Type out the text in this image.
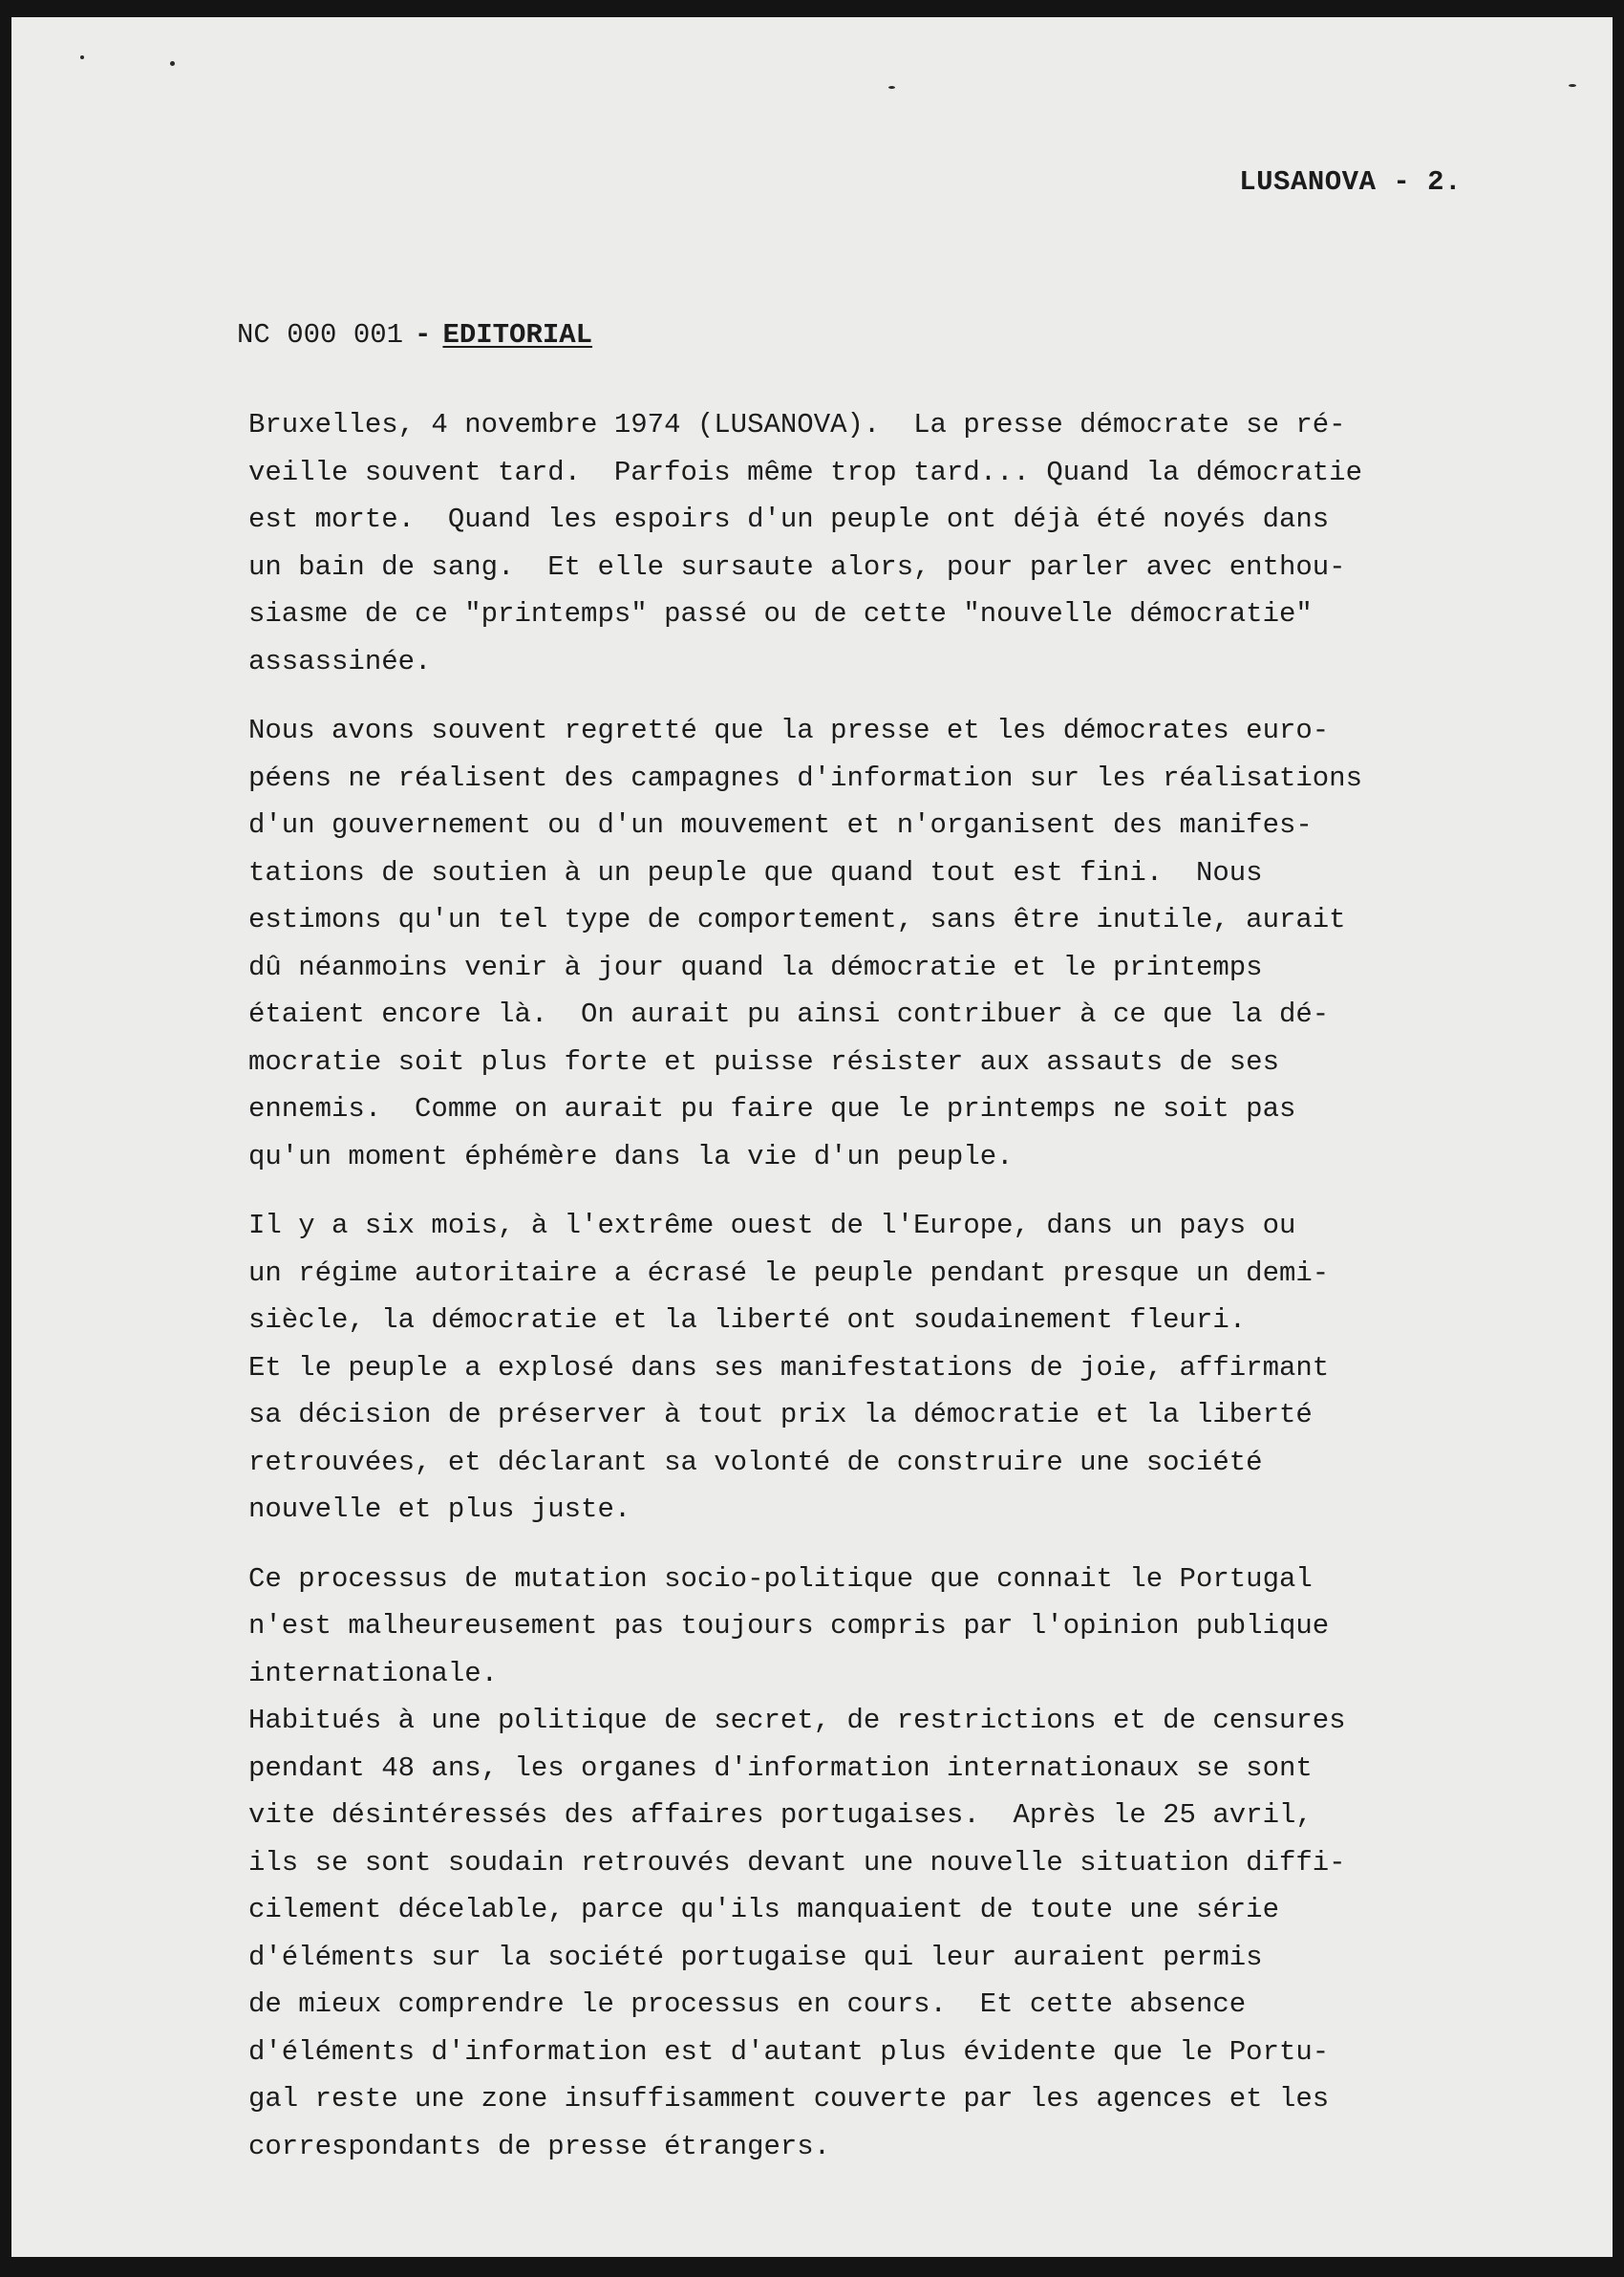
LUSANOVA - 2.
NC 000 001 - EDITORIAL
Bruxelles, 4 novembre 1974 (LUSANOVA).  La presse démocrate se ré-
veille souvent tard.  Parfois même trop tard... Quand la démocratie
est morte.  Quand les espoirs d'un peuple ont déjà été noyés dans
un bain de sang.  Et elle sursaute alors, pour parler avec enthou-
siasme de ce "printemps" passé ou de cette "nouvelle démocratie"
assassinée.
Nous avons souvent regretté que la presse et les démocrates euro-
péens ne réalisent des campagnes d'information sur les réalisations
d'un gouvernement ou d'un mouvement et n'organisent des manifes-
tations de soutien à un peuple que quand tout est fini.  Nous
estimons qu'un tel type de comportement, sans être inutile, aurait
dû néanmoins venir à jour quand la démocratie et le printemps
étaient encore là.  On aurait pu ainsi contribuer à ce que la dé-
mocratie soit plus forte et puisse résister aux assauts de ses
ennemis.  Comme on aurait pu faire que le printemps ne soit pas
qu'un moment éphémère dans la vie d'un peuple.
Il y a six mois, à l'extrême ouest de l'Europe, dans un pays ou
un régime autoritaire a écrasé le peuple pendant presque un demi-
siècle, la démocratie et la liberté ont soudainement fleuri.
Et le peuple a explosé dans ses manifestations de joie, affirmant
sa décision de préserver à tout prix la démocratie et la liberté
retrouvées, et déclarant sa volonté de construire une société
nouvelle et plus juste.
Ce processus de mutation socio-politique que connait le Portugal
n'est malheureusement pas toujours compris par l'opinion publique
internationale.
Habitués à une politique de secret, de restrictions et de censures
pendant 48 ans, les organes d'information internationaux se sont
vite désintéressés des affaires portugaises.  Après le 25 avril,
ils se sont soudain retrouvés devant une nouvelle situation diffi-
cilement décelable, parce qu'ils manquaient de toute une série
d'éléments sur la société portugaise qui leur auraient permis
de mieux comprendre le processus en cours.  Et cette absence
d'éléments d'information est d'autant plus évidente que le Portu-
gal reste une zone insuffisamment couverte par les agences et les
correspondants de presse étrangers.
